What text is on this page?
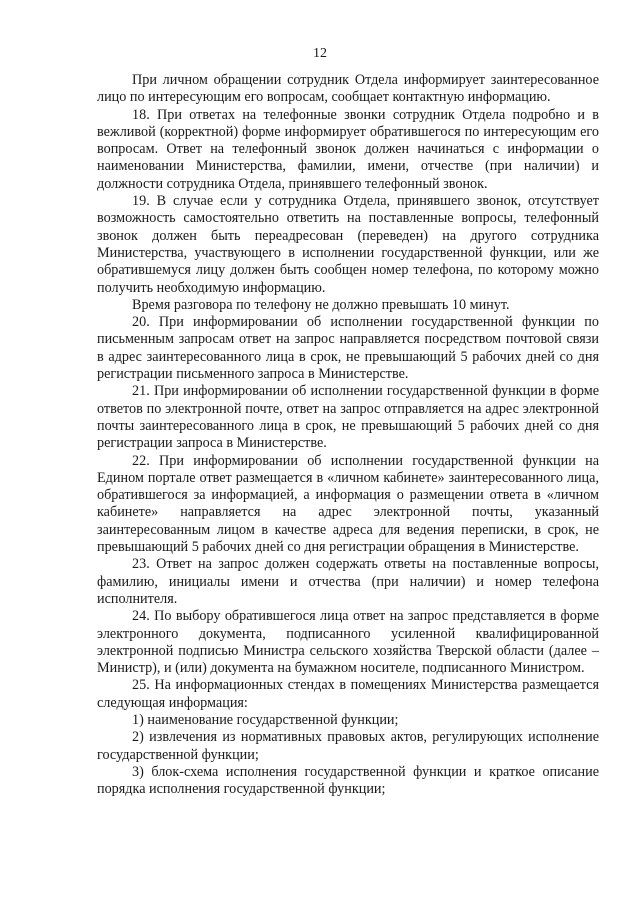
12

При личном обращении сотрудник Отдела информирует заинтересованное лицо по интересующим его вопросам, сообщает контактную информацию.

18. При ответах на телефонные звонки сотрудник Отдела подробно и в вежливой (корректной) форме информирует обратившегося по интересующим его вопросам. Ответ на телефонный звонок должен начинаться с информации о наименовании Министерства, фамилии, имени, отчестве (при наличии) и должности сотрудника Отдела, принявшего телефонный звонок.

19. В случае если у сотрудника Отдела, принявшего звонок, отсутствует возможность самостоятельно ответить на поставленные вопросы, телефонный звонок должен быть переадресован (переведен) на другого сотрудника Министерства, участвующего в исполнении государственной функции, или же обратившемуся лицу должен быть сообщен номер телефона, по которому можно получить необходимую информацию.

Время разговора по телефону не должно превышать 10 минут.

20. При информировании об исполнении государственной функции по письменным запросам ответ на запрос направляется посредством почтовой связи в адрес заинтересованного лица в срок, не превышающий 5 рабочих дней со дня регистрации письменного запроса в Министерстве.

21. При информировании об исполнении государственной функции в форме ответов по электронной почте, ответ на запрос отправляется на адрес электронной почты заинтересованного лица в срок, не превышающий 5 рабочих дней со дня регистрации запроса в Министерстве.

22. При информировании об исполнении государственной функции на Едином портале ответ размещается в «личном кабинете» заинтересованного лица, обратившегося за информацией, а информация о размещении ответа в «личном кабинете» направляется на адрес электронной почты, указанный заинтересованным лицом в качестве адреса для ведения переписки, в срок, не превышающий 5 рабочих дней со дня регистрации обращения в Министерстве.

23. Ответ на запрос должен содержать ответы на поставленные вопросы, фамилию, инициалы имени и отчества (при наличии) и номер телефона исполнителя.

24. По выбору обратившегося лица ответ на запрос представляется в форме электронного документа, подписанного усиленной квалифицированной электронной подписью Министра сельского хозяйства Тверской области (далее – Министр), и (или) документа на бумажном носителе, подписанного Министром.

25. На информационных стендах в помещениях Министерства размещается следующая информация:

1) наименование государственной функции;

2) извлечения из нормативных правовых актов, регулирующих исполнение государственной функции;

3) блок-схема исполнения государственной функции и краткое описание порядка исполнения государственной функции;
